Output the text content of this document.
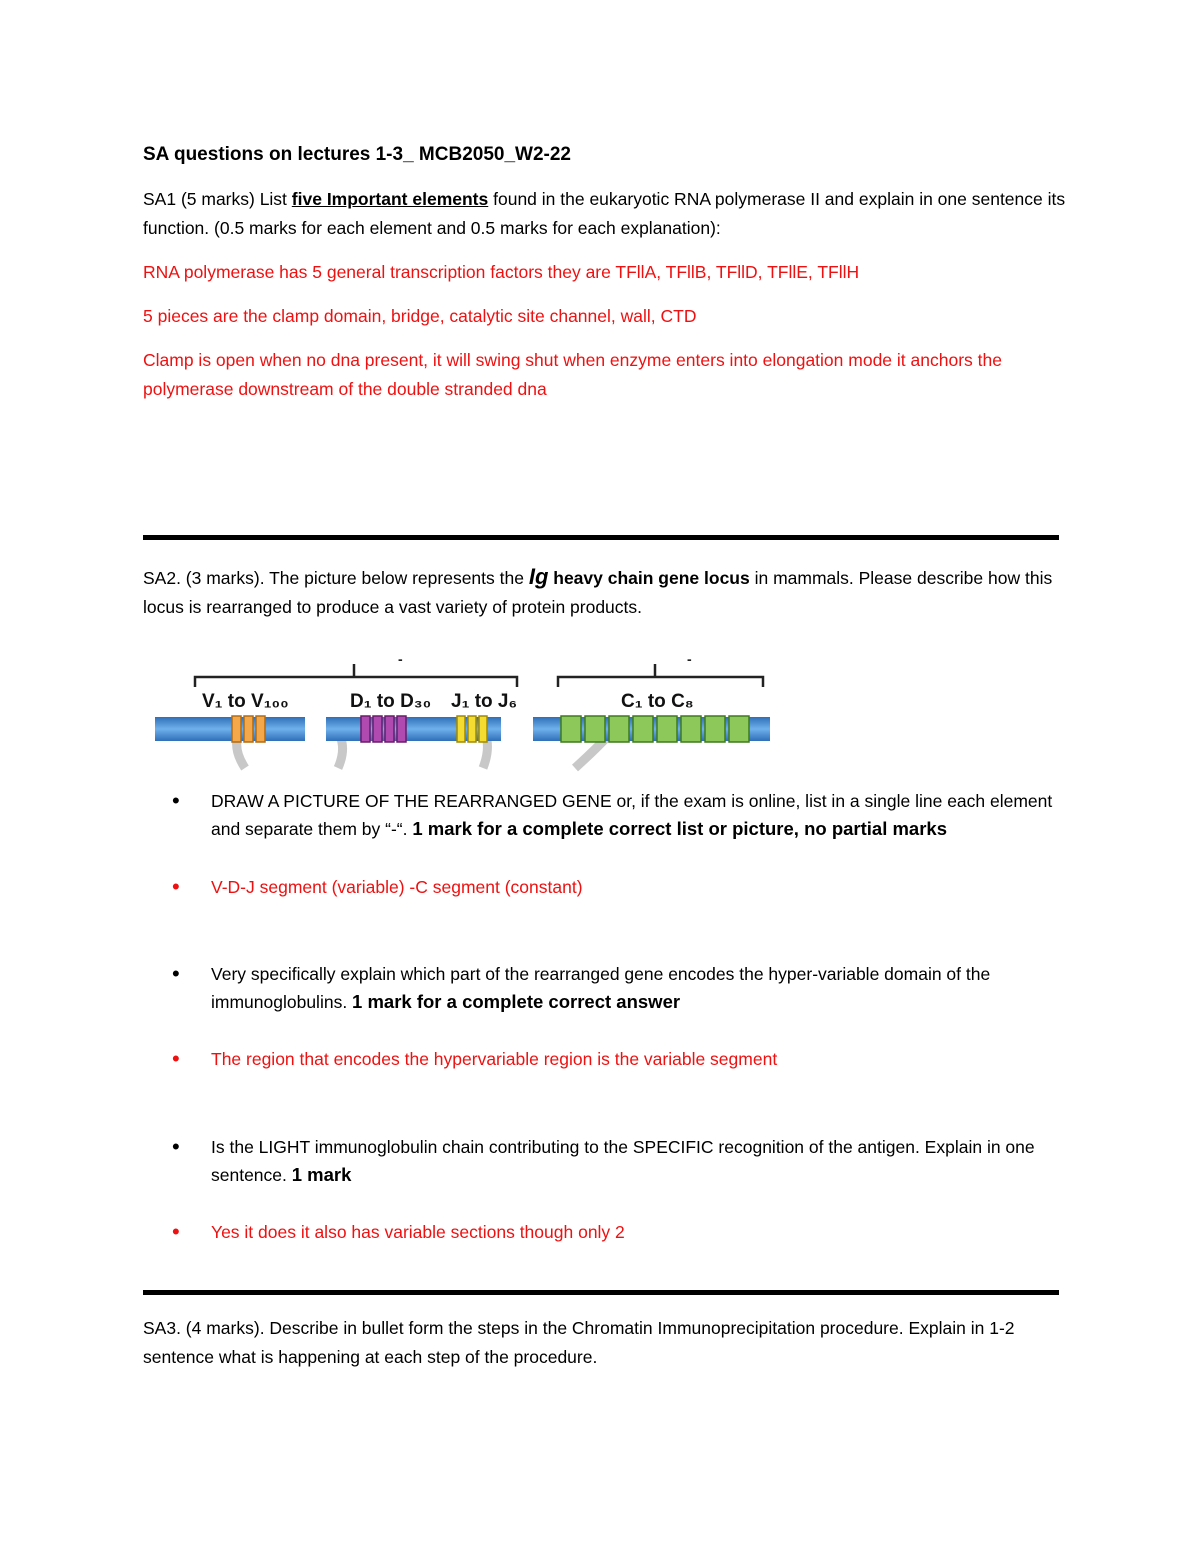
SA questions on lectures 1-3_ MCB2050_W2-22
SA1 (5 marks) List five Important elements found in the eukaryotic RNA polymerase II and explain in one sentence its function. (0.5 marks for each element and 0.5 marks for each explanation):
RNA polymerase has 5 general transcription factors they are TFllA, TFllB, TFllD, TFllE, TFllH
5 pieces are the clamp domain, bridge, catalytic site channel, wall, CTD
Clamp is open when no dna present, it will swing shut when enzyme enters into elongation mode it anchors the polymerase downstream of the double stranded dna
SA2. (3 marks). The picture below represents the Ig heavy chain gene locus in mammals. Please describe how this locus is rearranged to produce a vast variety of protein products.
-	-
V₁ to V₁₀₀	D₁ to D₃₀ J₁ to J₆	C₁ to C₈
•	DRAW A PICTURE OF THE REARRANGED GENE or, if the exam is online, list in a single line each element and separate them by “-“. 1 mark for a complete correct list or picture, no partial marks
•	V-D-J segment (variable) -C segment (constant)
•	Very specifically explain which part of the rearranged gene encodes the hyper-variable domain of the immunoglobulins. 1 mark for a complete correct answer
•	The region that encodes the hypervariable region is the variable segment
•	Is the LIGHT immunoglobulin chain contributing to the SPECIFIC recognition of the antigen. Explain in one sentence. 1 mark
•	Yes it does it also has variable sections though only 2
SA3. (4 marks). Describe in bullet form the steps in the Chromatin Immunoprecipitation procedure. Explain in 1-2 sentence what is happening at each step of the procedure.
